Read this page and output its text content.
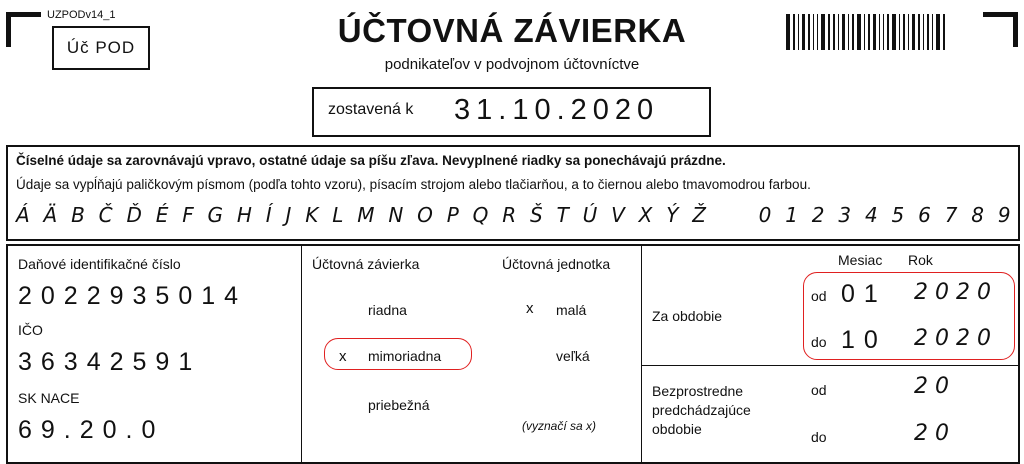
UZPODv14_1
Úč POD	ÚČTOVNÁ ZÁVIERKA
podnikateľov v podvojnom účtovníctve
zostavená k 31.10.2020
Číselné údaje sa zarovnávajú vpravo, ostatné údaje sa píšu zľava. Nevyplnené riadky sa ponechávajú prázdne.
Údaje sa vypĺňajú paličkovým písmom (podľa tohto vzoru), písacím strojom alebo tlačiarňou, a to čiernou alebo tmavomodrou farbou.
Á Ä B Č Ď É F G H Í J K L M N O P Q R Š T Ú V X Ý Ž	0 1 2 3 4 5 6 7 8 9
Daňové identifikačné číslo
2022935014
IČO
36342591
SK NACE
69.20.0
Účtovná závierka	Účtovná jednotka
riadna
x mimoriadna
priebežná
x malá
veľká
(vyznačí sa x)
Mesiac Rok
Za obdobie
od 01 2020
do 10 2020
Bezprostredne predchádzajúce obdobie
od	20
do	20
